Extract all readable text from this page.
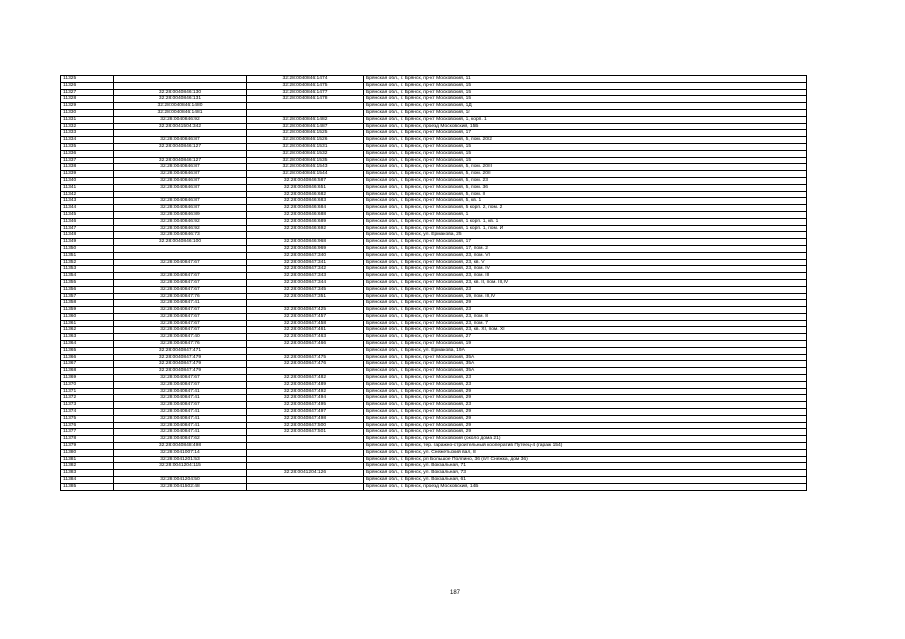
11325		32:28:0040846:1474	Брянская обл., г. Брянск, пр-кт Московский, 11
11326		32:28:0040846:1475	Брянская обл., г. Брянск, пр-кт Московский, 15
11327	32:28:0040846:130	32:28:0040846:1477	Брянская обл., г. Брянск, пр-кт Московский, 15
11328	32:28:0040846:131	32:28:0040846:1478	Брянская обл., г. Брянск, пр-кт Московский, 15
11329	32:28:0040846:1480		Брянская обл., г. Брянск, пр-кт Московский, 1Д
11330	32:28:0040846:1481		Брянская обл., г. Брянск, пр-кт Московский, 1г
11331	32:28:0040846:92	32:28:0040846:1482	Брянская обл., г. Брянск, пр-кт Московский, 1, корп. 1
11332	32:28:0041504:342	32:28:0040846:1487	Брянская обл., г. Брянск, проезд Московский, 15Б
11333		32:28:0040846:1525	Брянская обл., г. Брянск, пр-кт Московский, 17
11334	32:28:0040846:87	32:28:0040846:1526	Брянская обл., г. Брянск, пр-кт Московский, 5, пом. 20/2
11335	32:28:0040846:127	32:28:0040846:1531	Брянская обл., г. Брянск, пр-кт Московский, 15
11336		32:28:0040846:1532	Брянская обл., г. Брянск, пр-кт Московский, 15
11337	32:28:0040846:127	32:28:0040846:1535	Брянская обл., г. Брянск, пр-кт Московский, 15
11338	32:28:0040846:87	32:28:0040846:1543	Брянская обл., г. Брянск, пр-кт Московский, 5, пом. 20/II
11339	32:28:0040846:87	32:28:0040846:1544	Брянская обл., г. Брянск, пр-кт Московский, 5, пом. 20/I
11340	32:28:0040846:87	32:28:0040846:587	Брянская обл., г. Брянск, пр-кт Московский, 5, пом. 23
11341	32:28:0040846:87	32:28:0040846:651	Брянская обл., г. Брянск, пр-кт Московский, 5, пом. 36
11342		32:28:0040846:682	Брянская обл., г. Брянск, пр-кт Московский, 5, пом. II
11343	32:28:0040846:87	32:28:0040846:683	Брянская обл., г. Брянск, пр-кт Московский, 5, кв. 1
11344	32:28:0040846:87	32:28:0040846:684	Брянская обл., г. Брянск, пр-кт Московский, 5 корп. 2, пом. 2
11345	32:28:0040846:89	32:28:0040846:688	Брянская обл., г. Брянск, пр-кт Московский, 1
11346	32:28:0040846:92	32:28:0040846:689	Брянская обл., г. Брянск, пр-кт Московский, 1 корп. 1, кв. 1
11347	32:28:0040846:92	32:28:0040846:692	Брянская обл., г. Брянск, пр-кт Московский, 1 корп. 1, пом. И
11348	32:28:0040846:73		Брянская обл., г. Брянск, ул. Ермакова, 25
11349	32:28:0040846:100	32:28:0040846:968	Брянская обл., г. Брянск, пр-кт Московский, 17
11350		32:28:0040846:969	Брянская обл., г. Брянск, пр-кт Московский, 17, пом. 2
11351		32:28:0040847:340	Брянская обл., г. Брянск, пр-кт Московский, 23, пом. VI
11352	32:28:0040847:67	32:28:0040847:341	Брянская обл., г. Брянск, пр-кт Московский, 23, кв. V
11353		32:28:0040847:342	Брянская обл., г. Брянск, пр-кт Московский, 23, пом. IV
11354	32:28:0040847:67	32:28:0040847:343	Брянская обл., г. Брянск, пр-кт Московский, 23, пом. III
11355	32:28:0040847:67	32:28:0040847:344	Брянская обл., г. Брянск, пр-кт Московский, 23, кв. II, пом. III,IV
11356	32:28:0040847:67	32:28:0040847:345	Брянская обл., г. Брянск, пр-кт Московский, 23
11357	32:28:0040847:76	32:28:0040847:351	Брянская обл., г. Брянск, пр-кт Московский, 19, пом. III,IV
11358	32:28:0040847:41		Брянская обл., г. Брянск, пр-кт Московский, 29
11359	32:28:0040847:67	32:28:0040847:425	Брянская обл., г. Брянск, пр-кт Московский, 23
11360	32:28:0040847:67	32:28:0040847:457	Брянская обл., г. Брянск, пр-кт Московский, 23, пом. 8
11361	32:28:0040847:67	32:28:0040847:458	Брянская обл., г. Брянск, пр-кт Московский, 23, пом. 7
11362	32:28:0040847:67	32:28:0040847:461	Брянская обл., г. Брянск, пр-кт Московский, 23, кв. XI, пом. XI
11363	32:28:0040847:40	32:28:0040847:463	Брянская обл., г. Брянск, пр-кт Московский, 27
11364	32:28:0040847:76	32:28:0040847:466	Брянская обл., г. Брянск, пр-кт Московский, 19
11365	32:28:0040847:471		Брянская обл., г. Брянск, ул. Ермакова, 19А
11366	32:28:0040847:479	32:28:0040847:475	Брянская обл., г. Брянск, пр-кт Московский, 35А
11367	32:28:0040847:479	32:28:0040847:476	Брянская обл., г. Брянск, пр-кт Московский, 35А
11368	32:28:0040847:479		Брянская обл., г. Брянск, пр-кт Московский, 35А
11369	32:28:0040847:67	32:28:0040847:482	Брянская обл., г. Брянск, пр-кт Московский, 23
11370	32:28:0040847:67	32:28:0040847:489	Брянская обл., г. Брянск, пр-кт Московский, 23
11371	32:28:0040847:41	32:28:0040847:492	Брянская обл., г. Брянск, пр-кт Московский, 29
11372	32:28:0040847:41	32:28:0040847:494	Брянская обл., г. Брянск, пр-кт Московский, 29
11373	32:28:0040847:67	32:28:0040847:495	Брянская обл., г. Брянск, пр-кт Московский, 23
11374	32:28:0040847:41	32:28:0040847:497	Брянская обл., г. Брянск, пр-кт Московский, 29
11375	32:28:0040847:41	32:28:0040847:498	Брянская обл., г. Брянск, пр-кт Московский, 29
11376	32:28:0040847:41	32:28:0040847:500	Брянская обл., г. Брянск, пр-кт Московский, 29
11377	32:28:0040847:41	32:28:0040847:501	Брянская обл., г. Брянск, пр-кт Московский, 29
11378	32:28:0040847:62		Брянская обл., г. Брянск, пр-кт Московский (около дома 21)
11379	32:28:0040848:498		Брянская обл., г. Брянск, тер. гаражно-строительный кооператив Путеец-4 (гараж 154)
11380	32:28:0041007:14		Брянская обл., г. Брянск, ул. Снежетьский вал, 8
11381	32:28:0041201:53		Брянская обл., г. Брянск, рп Большое Полпино, 36 (п/т Снежка, дом 36)
11382	32:28:0041204:115		Брянская обл., г. Брянск, ул. Вокзальная, 71
11383		32:28:0041204:126	Брянская обл., г. Брянск, ул. Вокзальная, 73
11384	32:28:0041204:50		Брянская обл., г. Брянск, ул. Вокзальная, 61
11385	32:28:0041502:48		Брянская обл., г. Брянск, проезд Московский, 14Б
187
